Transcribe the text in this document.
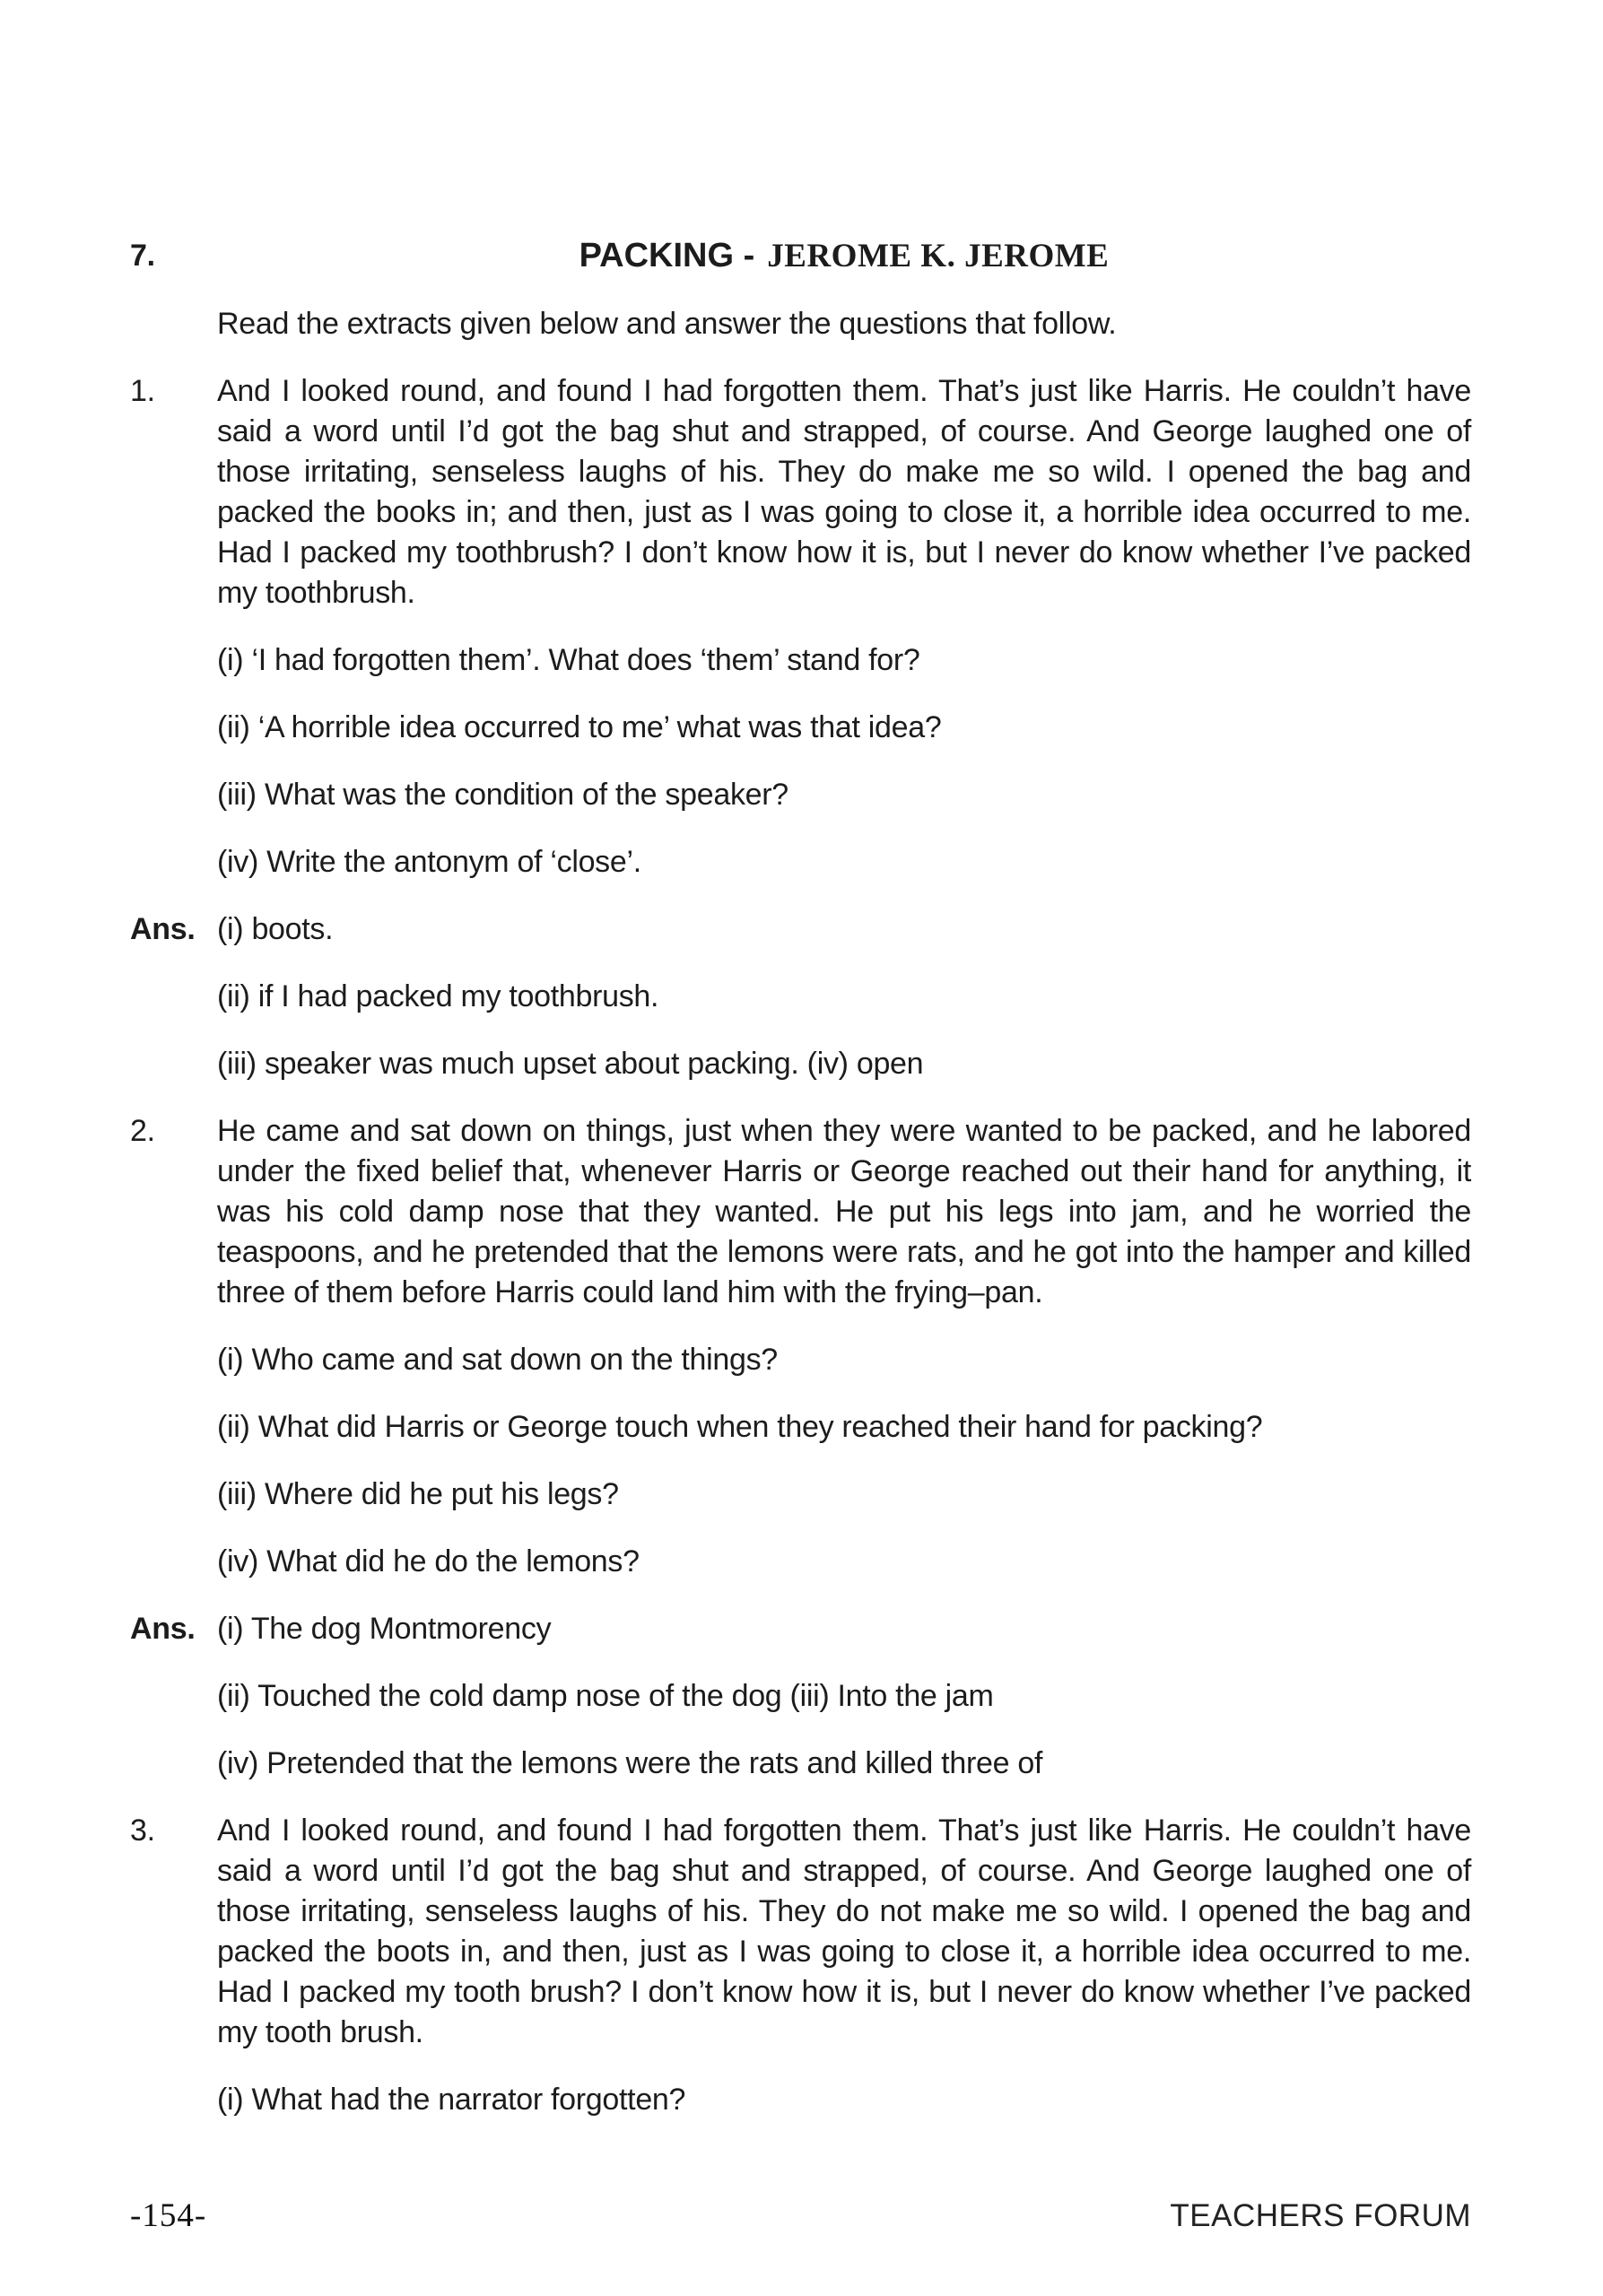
7.	PACKING - JEROME K. JEROME
Read the extracts given below and answer the questions that follow.
1.	And I looked round, and found I had forgotten them. That’s just like Harris. He couldn’t have said a word until I’d got the bag shut and strapped, of course. And George laughed one of those irritating, senseless laughs of his. They do make me so wild. I opened the bag and packed the books in; and then, just as I was going to close it, a horrible idea occurred to me. Had I packed my toothbrush? I don’t know how it is, but I never do know whether I’ve packed my toothbrush.
(i) ‘I had forgotten them’. What does ‘them’ stand for?
(ii) ‘A horrible idea occurred to me’ what was that idea?
(iii) What was the condition of the speaker?
(iv) Write the antonym of ‘close’.
Ans. (i) boots.
(ii) if I had packed my toothbrush.
(iii) speaker was much upset about packing. (iv) open
2.	He came and sat down on things, just when they were wanted to be packed, and he labored under the fixed belief that, whenever Harris or George reached out their hand for anything, it was his cold damp nose that they wanted. He put his legs into jam, and he worried the teaspoons, and he pretended that the lemons were rats, and he got into the hamper and killed three of them before Harris could land him with the frying–pan.
(i) Who came and sat down on the things?
(ii) What did Harris or George touch when they reached their hand for packing?
(iii) Where did he put his legs?
(iv) What did he do the lemons?
Ans. (i) The dog Montmorency
(ii) Touched the cold damp nose of the dog (iii) Into the jam
(iv) Pretended that the lemons were the rats and killed three of
3.	And I looked round, and found I had forgotten them. That’s just like Harris. He couldn’t have said a word until I’d got the bag shut and strapped, of course. And George laughed one of those irritating, senseless laughs of his. They do not make me so wild. I opened the bag and packed the boots in, and then, just as I was going to close it, a horrible idea occurred to me. Had I packed my tooth brush? I don’t know how it is, but I never do know whether I’ve packed my tooth brush.
(i) What had the narrator forgotten?
-154-	TEACHERS FORUM
